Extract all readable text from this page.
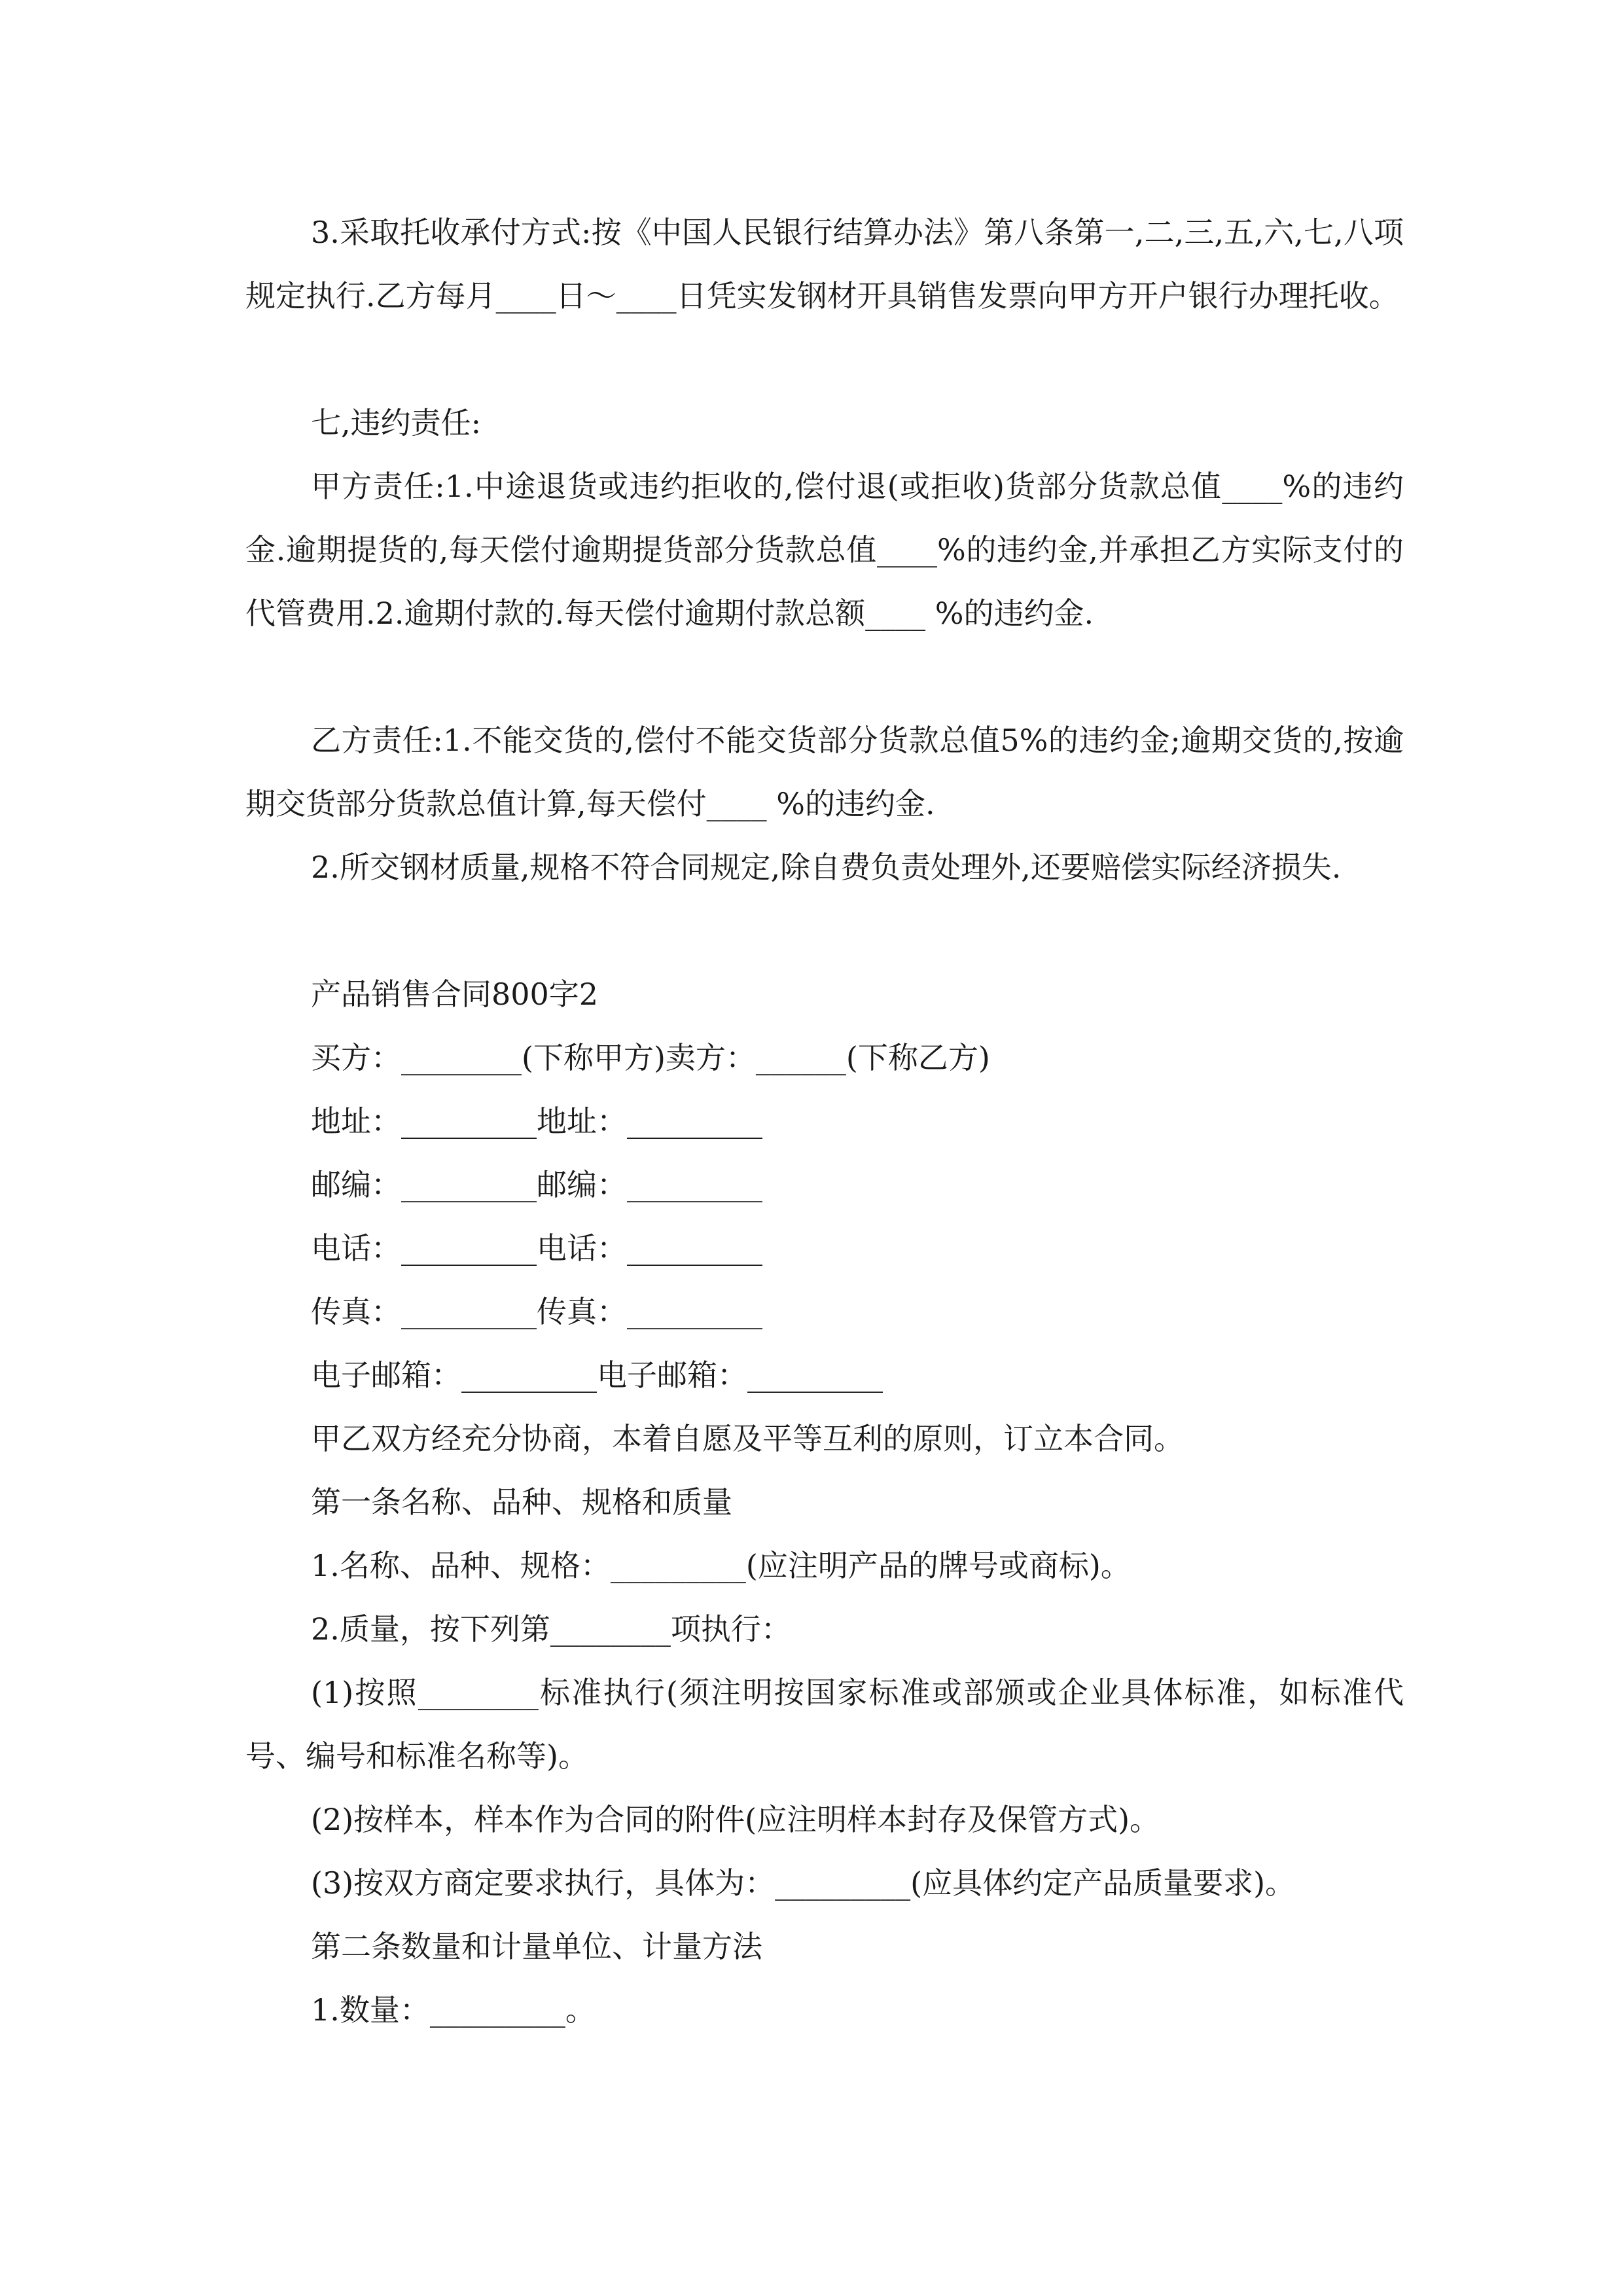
3.采取托收承付方式:按《中国人民银行结算办法》第八条第一,二,三,五,六,七,八项规定执行.乙方每月____日～____日凭实发钢材开具销售发票向甲方开户银行办理托收。

七,违约责任:

甲方责任:1.中途退货或违约拒收的,偿付退(或拒收)货部分货款总值____%的违约金.逾期提货的,每天偿付逾期提货部分货款总值____%的违约金,并承担乙方实际支付的代管费用.2.逾期付款的.每天偿付逾期付款总额____ %的违约金.

乙方责任:1.不能交货的,偿付不能交货部分货款总值5%的违约金;逾期交货的,按逾期交货部分货款总值计算,每天偿付____ %的违约金.

2.所交钢材质量,规格不符合同规定,除自费负责处理外,还要赔偿实际经济损失.

产品销售合同800字2

买方：________(下称甲方)卖方：______(下称乙方)

地址：_________地址：_________

邮编：_________邮编：_________

电话：_________电话：_________

传真：_________传真：_________

电子邮箱：_________电子邮箱：_________

甲乙双方经充分协商，本着自愿及平等互利的原则，订立本合同。

第一条名称、品种、规格和质量

1.名称、品种、规格：_________(应注明产品的牌号或商标)。

2.质量，按下列第________项执行：

(1)按照________标准执行(须注明按国家标准或部颁或企业具体标准，如标准代号、编号和标准名称等)。

(2)按样本，样本作为合同的附件(应注明样本封存及保管方式)。

(3)按双方商定要求执行，具体为：_________(应具体约定产品质量要求)。

第二条数量和计量单位、计量方法

1.数量：_________。
